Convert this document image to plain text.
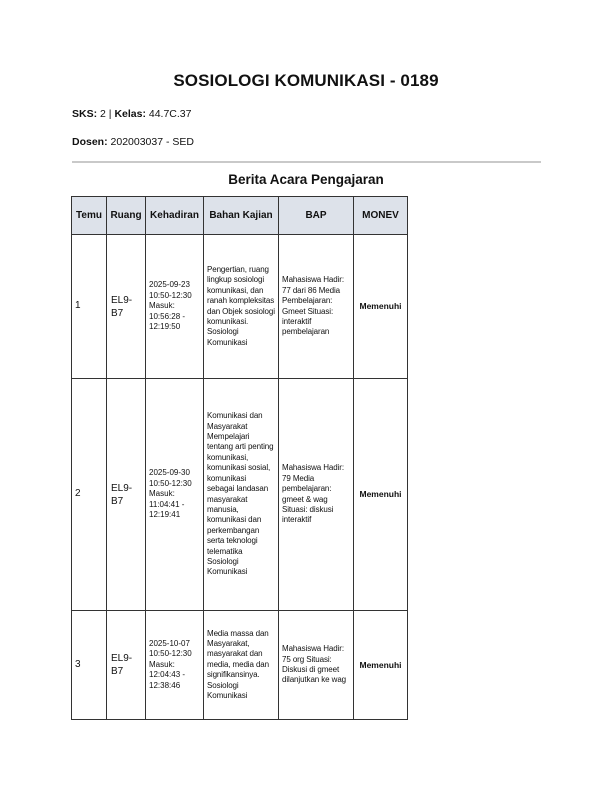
SOSIOLOGI KOMUNIKASI - 0189
SKS: 2 | Kelas: 44.7C.37
Dosen: 202003037 - SED
Berita Acara Pengajaran
Temu	Ruang	Kehadiran	Bahan Kajian	BAP	MONEV
1	EL9-B7	2025-09-23 10:50-12:30 Masuk: 10:56:28 - 12:19:50	Pengertian, ruang lingkup sosiologi komunikasi, dan ranah kompleksitas dan Objek sosiologi komunikasi. Sosiologi Komunikasi	Mahasiswa Hadir: 77 dari 86 Media Pembelajaran: Gmeet Situasi: interaktif pembelajaran	Memenuhi
2	EL9-B7	2025-09-30 10:50-12:30 Masuk: 11:04:41 - 12:19:41	Komunikasi dan Masyarakat Mempelajari tentang arti penting komunikasi, komunikasi sosial, komunikasi sebagai landasan masyarakat manusia, komunikasi dan perkembangan serta teknologi telematika Sosiologi Komunikasi	Mahasiswa Hadir: 79 Media pembelajaran: gmeet & wag Situasi: diskusi interaktif	Memenuhi
3	EL9-B7	2025-10-07 10:50-12:30 Masuk: 12:04:43 - 12:38:46	Media massa dan Masyarakat, masyarakat dan media, media dan signifikansinya. Sosiologi Komunikasi	Mahasiswa Hadir: 75 org Situasi: Diskusi di gmeet dilanjutkan ke wag	Memenuhi
